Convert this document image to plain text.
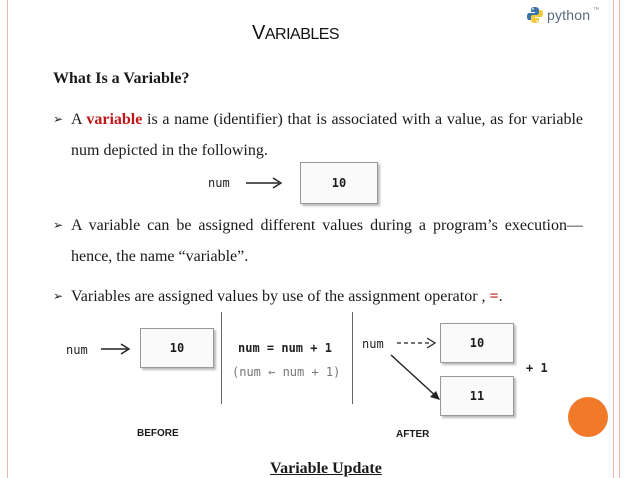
VARIABLES
python ™
What Is a Variable?
➢ A variable is a name (identifier) that is associated with a value, as for variable num depicted in the following.
num	10
➢ A variable can be assigned different values during a program’s execution—hence, the name “variable”.
➢ Variables are assigned values by use of the assignment operator , =.
num	10	num = num + 1
(num ← num + 1)
num	10
11
+ 1
BEFORE	AFTER
Variable Update
